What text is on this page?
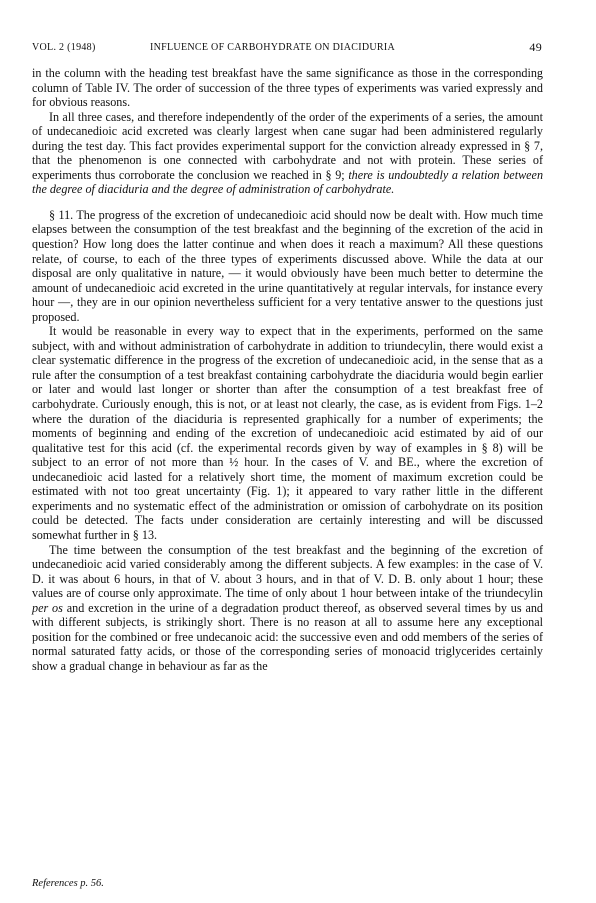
VOL. 2 (1948)	INFLUENCE OF CARBOHYDRATE ON DIACIDURIA	49

in the column with the heading test breakfast have the same significance as those in the corresponding column of Table IV. The order of succession of the three types of experiments was varied expressly and for obvious reasons.

In all three cases, and therefore independently of the order of the experiments of a series, the amount of undecanedioic acid excreted was clearly largest when cane sugar had been administered regularly during the test day. This fact provides experimental support for the conviction already expressed in § 7, that the phenomenon is one connected with carbohydrate and not with protein. These series of experiments thus corroborate the conclusion we reached in § 9; there is undoubtedly a relation between the degree of diaciduria and the degree of administration of carbohydrate.

§ 11. The progress of the excretion of undecanedioic acid should now be dealt with. How much time elapses between the consumption of the test breakfast and the beginning of the excretion of the acid in question? How long does the latter continue and when does it reach a maximum? All these questions relate, of course, to each of the three types of experiments discussed above. While the data at our disposal are only qualitative in nature, — it would obviously have been much better to determine the amount of undecanedioic acid excreted in the urine quantitatively at regular intervals, for instance every hour —, they are in our opinion nevertheless sufficient for a very tentative answer to the questions just proposed.

It would be reasonable in every way to expect that in the experiments, performed on the same subject, with and without administration of carbohydrate in addition to triundecylin, there would exist a clear systematic difference in the progress of the excretion of undecanedioic acid, in the sense that as a rule after the consumption of a test breakfast containing carbohydrate the diaciduria would begin earlier or later and would last longer or shorter than after the consumption of a test breakfast free of carbohydrate. Curiously enough, this is not, or at least not clearly, the case, as is evident from Figs. 1–2 where the duration of the diaciduria is represented graphically for a number of experiments; the moments of beginning and ending of the excretion of undecanedioic acid estimated by aid of our qualitative test for this acid (cf. the experimental records given by way of examples in § 8) will be subject to an error of not more than ½ hour. In the cases of V. and BE., where the excretion of undecanedioic acid lasted for a relatively short time, the moment of maximum excretion could be estimated with not too great uncertainty (Fig. 1); it appeared to vary rather little in the different experiments and no systematic effect of the administration or omission of carbohydrate on its position could be detected. The facts under consideration are certainly interesting and will be discussed somewhat further in § 13.

The time between the consumption of the test breakfast and the beginning of the excretion of undecanedioic acid varied considerably among the different subjects. A few examples: in the case of V. D. it was about 6 hours, in that of V. about 3 hours, and in that of V. D. B. only about 1 hour; these values are of course only approximate. The time of only about 1 hour between intake of the triundecylin per os and excretion in the urine of a degradation product thereof, as observed several times by us and with different subjects, is strikingly short. There is no reason at all to assume here any exceptional position for the combined or free undecanoic acid: the successive even and odd members of the series of normal saturated fatty acids, or those of the corresponding series of monoacid triglycerides certainly show a gradual change in behaviour as far as the

References p. 56.
